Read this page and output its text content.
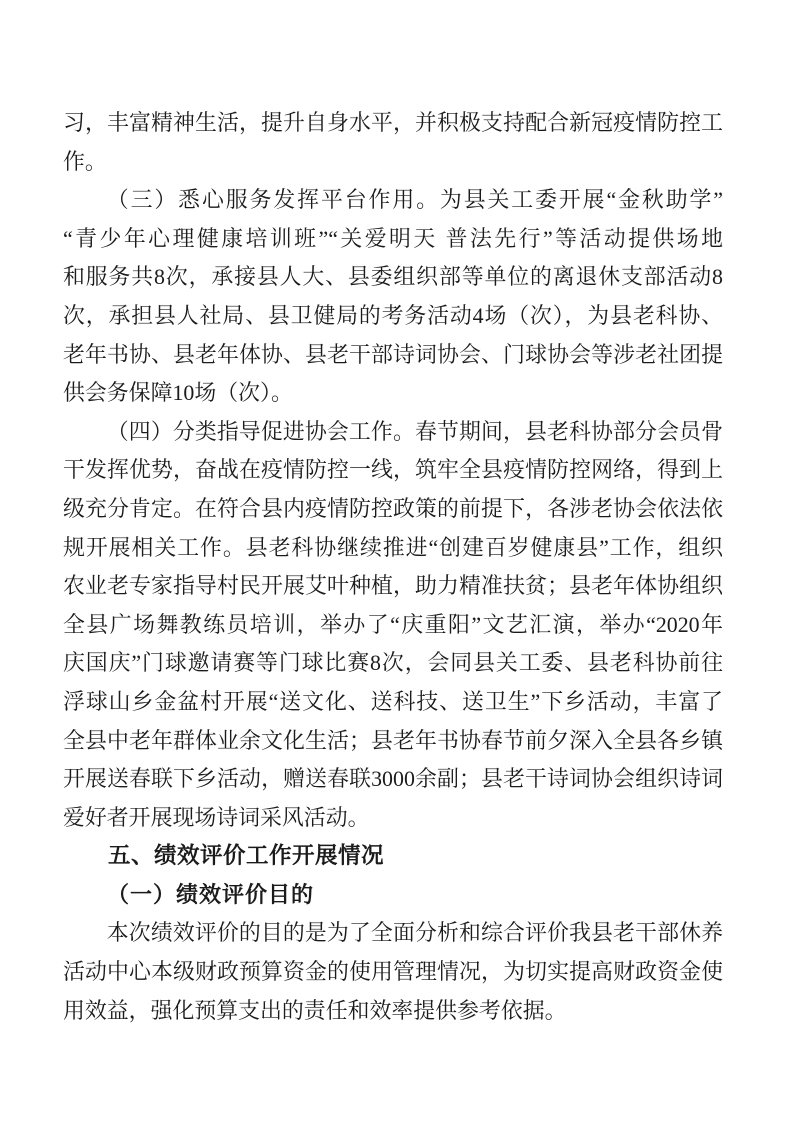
习，丰富精神生活，提升自身水平，并积极支持配合新冠疫情防控工
作。
（三）悉心服务发挥平台作用。为县关工委开展“金秋助学”
“青少年心理健康培训班”“关爱明天 普法先行”等活动提供场地
和服务共8次，承接县人大、县委组织部等单位的离退休支部活动8
次，承担县人社局、县卫健局的考务活动4场（次），为县老科协、
老年书协、县老年体协、县老干部诗词协会、门球协会等涉老社团提
供会务保障10场（次）。
（四）分类指导促进协会工作。春节期间，县老科协部分会员骨
干发挥优势，奋战在疫情防控一线，筑牢全县疫情防控网络，得到上
级充分肯定。在符合县内疫情防控政策的前提下，各涉老协会依法依
规开展相关工作。县老科协继续推进“创建百岁健康县”工作，组织
农业老专家指导村民开展艾叶种植，助力精准扶贫；县老年体协组织
全县广场舞教练员培训，举办了“庆重阳”文艺汇演，举办“2020年
庆国庆”门球邀请赛等门球比赛8次，会同县关工委、县老科协前往
浮球山乡金盆村开展“送文化、送科技、送卫生”下乡活动，丰富了
全县中老年群体业余文化生活；县老年书协春节前夕深入全县各乡镇
开展送春联下乡活动，赠送春联3000余副；县老干诗词协会组织诗词
爱好者开展现场诗词采风活动。
五、绩效评价工作开展情况
（一）绩效评价目的
本次绩效评价的目的是为了全面分析和综合评价我县老干部休养
活动中心本级财政预算资金的使用管理情况，为切实提高财政资金使
用效益，强化预算支出的责任和效率提供参考依据。
